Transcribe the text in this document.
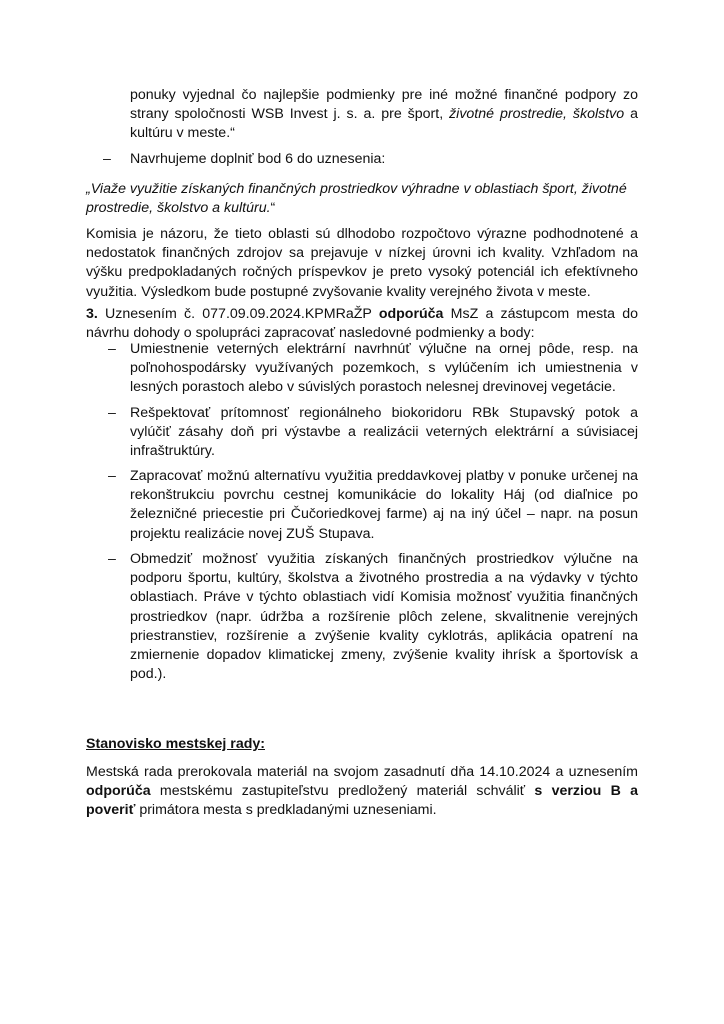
ponuky vyjednal čo najlepšie podmienky pre iné možné finančné podpory zo
strany spoločnosti WSB Invest j. s. a. pre šport, životné prostredie, školstvo a
kultúru v meste.“
– Navrhujeme doplniť bod 6 do uznesenia:
„Viaže využitie získaných finančných prostriedkov výhradne v oblastiach šport, životné prostredie, školstvo a kultúru.“
Komisia je názoru, že tieto oblasti sú dlhodobo rozpočtovo výrazne podhodnotené a nedostatok finančných zdrojov sa prejavuje v nízkej úrovni ich kvality. Vzhľadom na výšku predpokladaných ročných príspevkov je preto vysoký potenciál ich efektívneho využitia. Výsledkom bude postupné zvyšovanie kvality verejného života v meste.
3. Uznesením č. 077.09.09.2024.KPMRaŽP odporúča MsZ a zástupcom mesta do návrhu dohody o spolupráci zapracovať nasledovné podmienky a body:
– Umiestnenie veterných elektrární navrhnúť výlučne na ornej pôde, resp. na poľnohospodársky využívaných pozemkoch, s vylúčením ich umiestnenia v lesných porastoch alebo v súvislých porastoch nelesnej drevinovej vegetácie.
– Rešpektovať prítomnosť regionálneho biokoridoru RBk Stupavský potok a vylúčiť zásahy doň pri výstavbe a realizácii veterných elektrární a súvisiacej infraštruktúry.
– Zapracovať možnú alternatívu využitia preddavkovej platby v ponuke určenej na rekonštrukciu povrchu cestnej komunikácie do lokality Háj (od diaľnice po železničné priecestie pri Čučoriedkovej farme) aj na iný účel – napr. na posun projektu realizácie novej ZUŠ Stupava.
– Obmedziť možnosť využitia získaných finančných prostriedkov výlučne na podporu športu, kultúry, školstva a životného prostredia a na výdavky v týchto oblastiach. Práve v týchto oblastiach vidí Komisia možnosť využitia finančných prostriedkov (napr. údržba a rozšírenie plôch zelene, skvalitnenie verejných priestranstiev, rozšírenie a zvýšenie kvality cyklotrás, aplikácia opatrení na zmiernenie dopadov klimatickej zmeny, zvýšenie kvality ihrísk a športovísk a pod.).
Stanovisko mestskej rady:
Mestská rada prerokovala materiál na svojom zasadnutí dňa 14.10.2024 a uznesením odporúča mestskému zastupiteľstvu predložený materiál schváliť s verziou B a poveriť primátora mesta s predkladanými uzneseniami.
